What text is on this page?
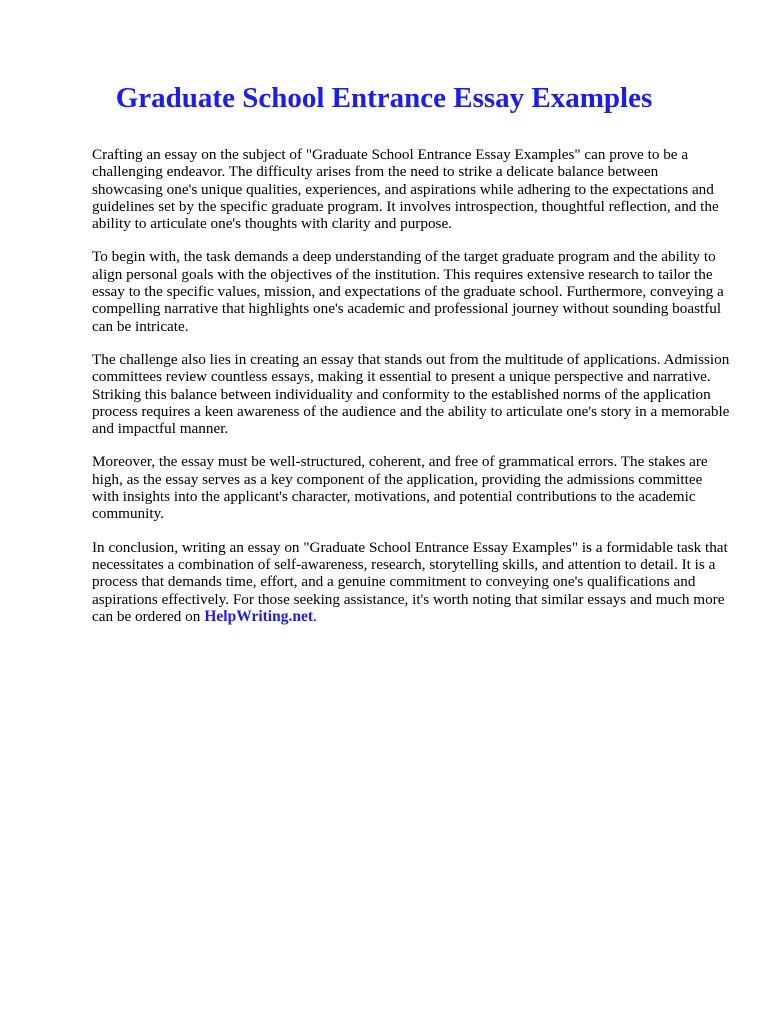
Graduate School Entrance Essay Examples

Crafting an essay on the subject of "Graduate School Entrance Essay Examples" can prove to be a challenging endeavor. The difficulty arises from the need to strike a delicate balance between showcasing one's unique qualities, experiences, and aspirations while adhering to the expectations and guidelines set by the specific graduate program. It involves introspection, thoughtful reflection, and the ability to articulate one's thoughts with clarity and purpose.

To begin with, the task demands a deep understanding of the target graduate program and the ability to align personal goals with the objectives of the institution. This requires extensive research to tailor the essay to the specific values, mission, and expectations of the graduate school. Furthermore, conveying a compelling narrative that highlights one's academic and professional journey without sounding boastful can be intricate.

The challenge also lies in creating an essay that stands out from the multitude of applications. Admission committees review countless essays, making it essential to present a unique perspective and narrative. Striking this balance between individuality and conformity to the established norms of the application process requires a keen awareness of the audience and the ability to articulate one's story in a memorable and impactful manner.

Moreover, the essay must be well-structured, coherent, and free of grammatical errors. The stakes are high, as the essay serves as a key component of the application, providing the admissions committee with insights into the applicant's character, motivations, and potential contributions to the academic community.

In conclusion, writing an essay on "Graduate School Entrance Essay Examples" is a formidable task that necessitates a combination of self-awareness, research, storytelling skills, and attention to detail. It is a process that demands time, effort, and a genuine commitment to conveying one's qualifications and aspirations effectively. For those seeking assistance, it's worth noting that similar essays and much more can be ordered on HelpWriting.net.
